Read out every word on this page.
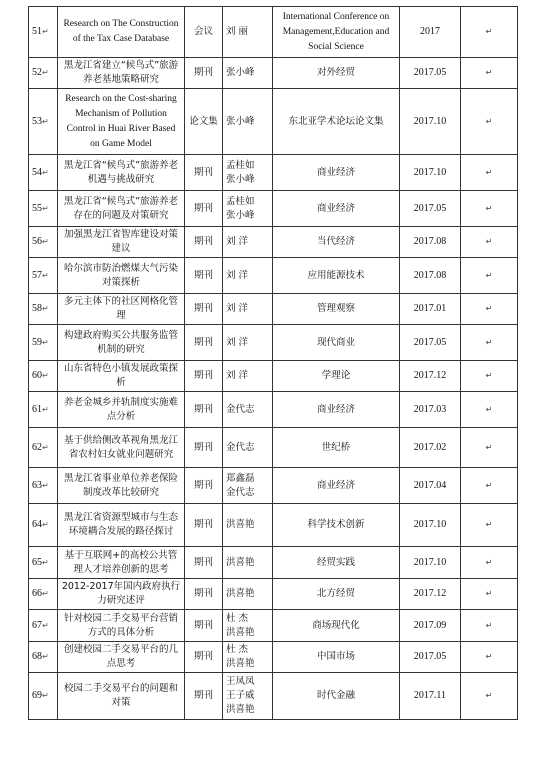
51↵	Research on The Construction of the Tax Case Database	会议	刘 丽	International Conference on Management,Education and Social Science	2017	↵
52↵	黑龙江省建立“候鸟式”旅游养老基地策略研究	期刊	张小峰	对外经贸	2017.05	↵
53↵	Research on the Cost-sharing Mechanism of Pollution Control in Huai River Based on Game Model	论文集	张小峰	东北亚学术论坛论文集	2017.10	↵
54↵	黑龙江省“候鸟式”旅游养老机遇与挑战研究	期刊	孟桂如
张小峰	商业经济	2017.10	↵
55↵	黑龙江省“候鸟式”旅游养老存在的问题及对策研究	期刊	孟桂如
张小峰	商业经济	2017.05	↵
56↵	加强黑龙江省智库建设对策建议	期刊	刘 洋	当代经济	2017.08	↵
57↵	哈尔滨市防治燃煤大气污染对策探析	期刊	刘 洋	应用能源技术	2017.08	↵
58↵	多元主体下的社区网格化管理	期刊	刘 洋	管理观察	2017.01	↵
59↵	构建政府购买公共服务监管机制的研究	期刊	刘 洋	现代商业	2017.05	↵
60↵	山东省特色小镇发展政策探析	期刊	刘 洋	学理论	2017.12	↵
61↵	养老金城乡并轨制度实施难点分析	期刊	金代志	商业经济	2017.03	↵
62↵	基于供给侧改革视角黑龙江省农村妇女就业问题研究	期刊	金代志	世纪桥	2017.02	↵
63↵	黑龙江省事业单位养老保险制度改革比较研究	期刊	郑鑫磊
金代志	商业经济	2017.04	↵
64↵	黑龙江省资源型城市与生态环境耦合发展的路径探讨	期刊	洪喜艳	科学技术创新	2017.10	↵
65↵	基于互联网+的高校公共管理人才培养创新的思考	期刊	洪喜艳	经贸实践	2017.10	↵
66↵	2012-2017年国内政府执行力研究述评	期刊	洪喜艳	北方经贸	2017.12	↵
67↵	针对校园二手交易平台营销方式的具体分析	期刊	杜 杰
洪喜艳	商场现代化	2017.09	↵
68↵	创建校园二手交易平台的几点思考	期刊	杜 杰
洪喜艳	中国市场	2017.05	↵
69↵	校园二手交易平台的问题和对策	期刊	王凤凤
王子威
洪喜艳	时代金融	2017.11	↵
